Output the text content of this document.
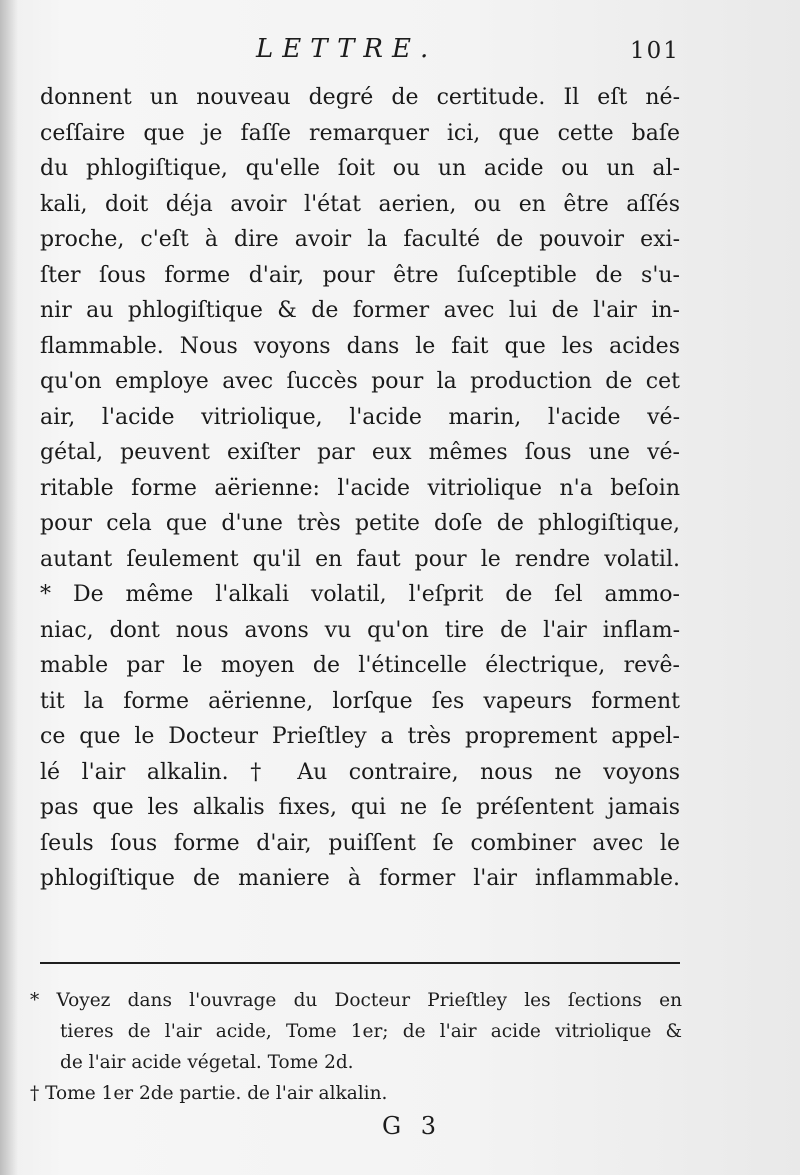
LETTRE.	101
donnent un nouveau degré de certitude. Il eſt né-
ceſſaire que je faſſe remarquer ici, que cette baſe
du phlogiſtique, qu'elle ſoit ou un acide ou un al-
kali, doit déja avoir l'état aerien, ou en être aſſés
proche, c'eſt à dire avoir la faculté de pouvoir exi-
ſter ſous forme d'air, pour être ſuſceptible de s'u-
nir au phlogiſtique & de former avec lui de l'air in-
flammable. Nous voyons dans le fait que les acides
qu'on employe avec ſuccès pour la production de cet
air, l'acide vitriolique, l'acide marin, l'acide vé-
gétal, peuvent exiſter par eux mêmes ſous une vé-
ritable forme aërienne: l'acide vitriolique n'a beſoin
pour cela que d'une très petite doſe de phlogiſtique,
autant ſeulement qu'il en faut pour le rendre volatil.
* De même l'alkali volatil, l'eſprit de ſel ammo-
niac, dont nous avons vu qu'on tire de l'air inflam-
mable par le moyen de l'étincelle électrique, revê-
tit la forme aërienne, lorſque ſes vapeurs forment
ce que le Docteur Prieſtley a très proprement appel-
lé l'air alkalin. † Au contraire, nous ne voyons
pas que les alkalis fixes, qui ne ſe préſentent jamais
ſeuls ſous forme d'air, puiſſent ſe combiner avec le
phlogiſtique de maniere à former l'air inflammable.
* Voyez dans l'ouvrage du Docteur Prieſtley les ſections en
tieres de l'air acide, Tome 1er; de l'air acide vitriolique &
de l'air acide végetal. Tome 2d.
† Tome 1er 2de partie. de l'air alkalin.
G 3
